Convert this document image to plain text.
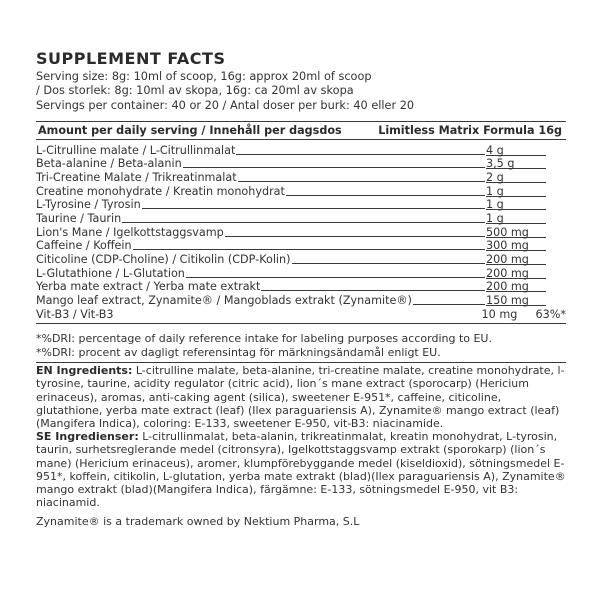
SUPPLEMENT FACTS
Serving size: 8g: 10ml of scoop, 16g: approx 20ml of scoop
/ Dos storlek: 8g: 10ml av skopa, 16g: ca 20ml av skopa
Servings per container: 40 or 20 / Antal doser per burk: 40 eller 20
Amount per daily serving / Innehåll per dagsdos	Limitless Matrix Formula 16g
L-Citrulline malate / L-Citrullinmalat	4 g
Beta-alanine / Beta-alanin	3,5 g
Tri-Creatine Malate / Trikreatinmalat	2 g
Creatine monohydrate / Kreatin monohydrat	1 g
L-Tyrosine / Tyrosin	1 g
Taurine / Taurin	1 g
Lion's Mane / Igelkottstaggsvamp	500 mg
Caffeine / Koffein	300 mg
Citicoline (CDP-Choline) / Citikolin (CDP-Kolin)	200 mg
L-Glutathione / L-Glutation	200 mg
Yerba mate extract / Yerba mate extrakt	200 mg
Mango leaf extract, Zynamite® / Mangoblads extrakt (Zynamite®)	150 mg
Vit-B3 / Vit-B3	10 mg	63%*
*%DRI: percentage of daily reference intake for labeling purposes according to EU.
*%DRI: procent av dagligt referensintag för märkningsändamål enligt EU.
EN Ingredients: L-citrulline malate, beta-alanine, tri-creatine malate, creatine monohydrate, l-tyrosine, taurine, acidity regulator (citric acid), lion´s mane extract (sporocarp) (Hericium erinaceus), aromas, anti-caking agent (silica), sweetener E-951*, caffeine, citicoline, glutathione, yerba mate extract (leaf) (Ilex paraguariensis A), Zynamite® mango extract (leaf) (Mangifera Indica), coloring: E-133, sweetener E-950, vit-B3: niacinamide.
SE Ingredienser: L-citrullinmalat, beta-alanin, trikreatinmalat, kreatin monohydrat, L-tyrosin, taurin, surhetsreglerande medel (citronsyra), Igelkottstaggsvamp extrakt (sporokarp) (lion´s mane) (Hericium erinaceus), aromer, klumpförebyggande medel (kiseldioxid), sötningsmedel E-951*, koffein, citikolin, L-glutation, yerba mate extrakt (blad)(Ilex paraguariensis A), Zynamite® mango extrakt (blad)(Mangifera Indica), färgämne: E-133, sötningsmedel E-950, vit B3: niacinamid.
Zynamite® is a trademark owned by Nektium Pharma, S.L
